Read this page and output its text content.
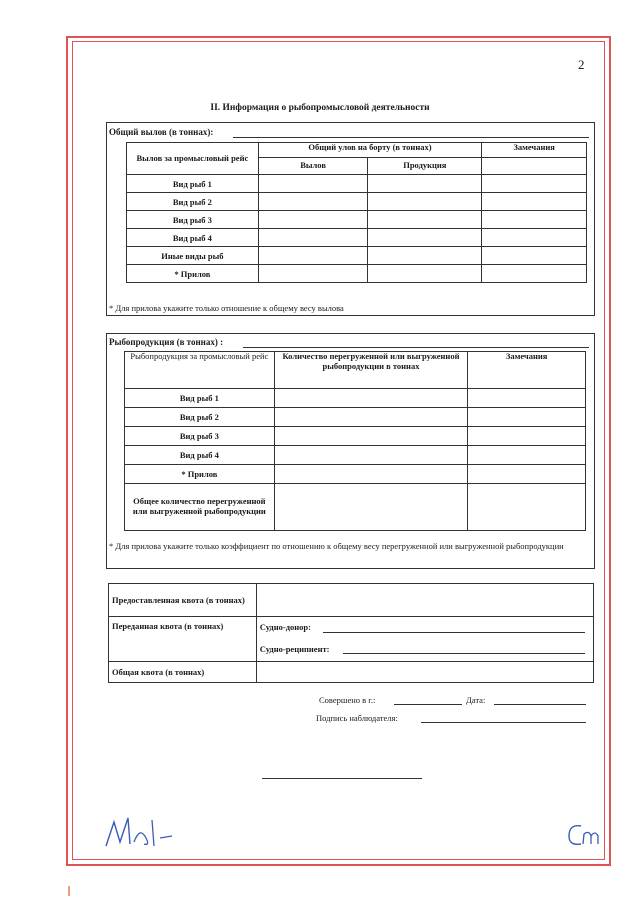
2
II. Информация о рыбопромысловой деятельности
Общий вылов (в тоннах):
Вылов за промысловый рейс	Общий улов на борту (в тоннах)		Замечания
	Вылов	Продукция	
Вид рыб 1			
Вид рыб 2			
Вид рыб 3			
Вид рыб 4			
Иные виды рыб			
* Прилов			
* Для прилова укажите только отношение к общему весу вылова
Рыбопродукция (в тоннах) :
Рыбопродукция за промысловый рейс	Количество перегруженной или выгруженной рыбопродукции в тоннах	Замечания
Вид рыб 1		
Вид рыб 2		
Вид рыб 3		
Вид рыб 4		
* Прилов		
Общее количество перегруженной или выгруженной рыбопродукции		
* Для прилова укажите только коэффициент по отношению к общему весу перегруженной или выгруженной рыбопродукции
Предоставленная квота (в тоннах)	
Переданная квота (в тоннах)	Судно-донор:

	Судно-реципиент:

Общая квота (в тоннах)	
Совершено в г.:	Дата:
Подпись наблюдателя:
